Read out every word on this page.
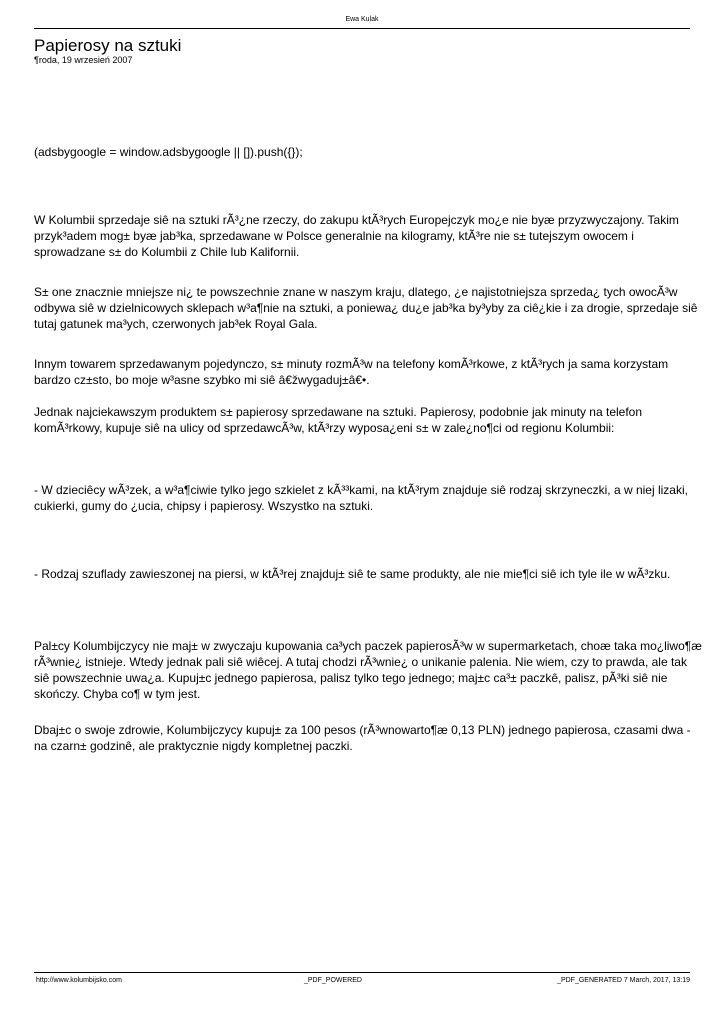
Ewa Kulak
Papierosy na sztuki
¶roda, 19 wrzesień 2007

(adsbygoogle = window.adsbygoogle || []).push({});

W Kolumbii sprzedaje siê na sztuki rÃ³¿ne rzeczy, do zakupu ktÃ³rych Europejczyk mo¿e nie byæ przyzwyczajony. Takim przyk³adem mog± byæ jab³ka, sprzedawane w Polsce generalnie na kilogramy, ktÃ³re nie s± tutejszym owocem i sprowadzane s± do Kolumbii z Chile lub Kalifornii.

S± one znacznie mniejsze ni¿ te powszechnie znane w naszym kraju, dlatego, ¿e najistotniejsza sprzeda¿ tych owocÃ³w odbywa siê w dzielnicowych sklepach w³a¶nie na sztuki, a poniewa¿ du¿e jab³ka by³yby za ciê¿kie i za drogie, sprzedaje siê tutaj gatunek ma³ych, czerwonych jab³ek Royal Gala.

Innym towarem sprzedawanym pojedynczo, s± minuty rozmÃ³w na telefony komÃ³rkowe, z ktÃ³rych ja sama korzystam bardzo cz±sto, bo moje w³asne szybko mi siê â€žwygaduj±â€•.

Jednak najciekawszym produktem s± papierosy sprzedawane na sztuki. Papierosy, podobnie jak minuty na telefon komÃ³rkowy, kupuje siê na ulicy od sprzedawcÃ³w, ktÃ³rzy wyposa¿eni s± w zale¿no¶ci od regionu Kolumbii:

- W dzieciêcy wÃ³zek, a w³a¶ciwie tylko jego szkielet z kÃ³³kami, na ktÃ³rym znajduje siê rodzaj skrzyneczki, a w niej lizaki, cukierki, gumy do ¿ucia, chipsy i papierosy. Wszystko na sztuki.

- Rodzaj szuflady zawieszonej na piersi, w ktÃ³rej znajduj± siê te same produkty, ale nie mie¶ci siê ich tyle ile w wÃ³zku.

Pal±cy Kolumbijczycy nie maj± w zwyczaju kupowania ca³ych paczek papierosÃ³w w supermarketach, choæ taka mo¿liwo¶æ rÃ³wnie¿ istnieje. Wtedy jednak pali siê wiêcej. A tutaj chodzi rÃ³wnie¿ o unikanie palenia. Nie wiem, czy to prawda, ale tak siê powszechnie uwa¿a. Kupuj±c jednego papierosa, palisz tylko tego jednego; maj±c ca³± paczkê, palisz, pÃ³ki siê nie skończy. Chyba co¶ w tym jest.

Dbaj±c o swoje zdrowie, Kolumbijczycy kupuj± za 100 pesos (rÃ³wnowarto¶æ 0,13 PLN) jednego papierosa, czasami dwa - na czarn± godzinê, ale praktycznie nigdy kompletnej paczki.

http://www.kolumbijsko.com	_PDF_POWERED	_PDF_GENERATED 7 March, 2017, 13:19
